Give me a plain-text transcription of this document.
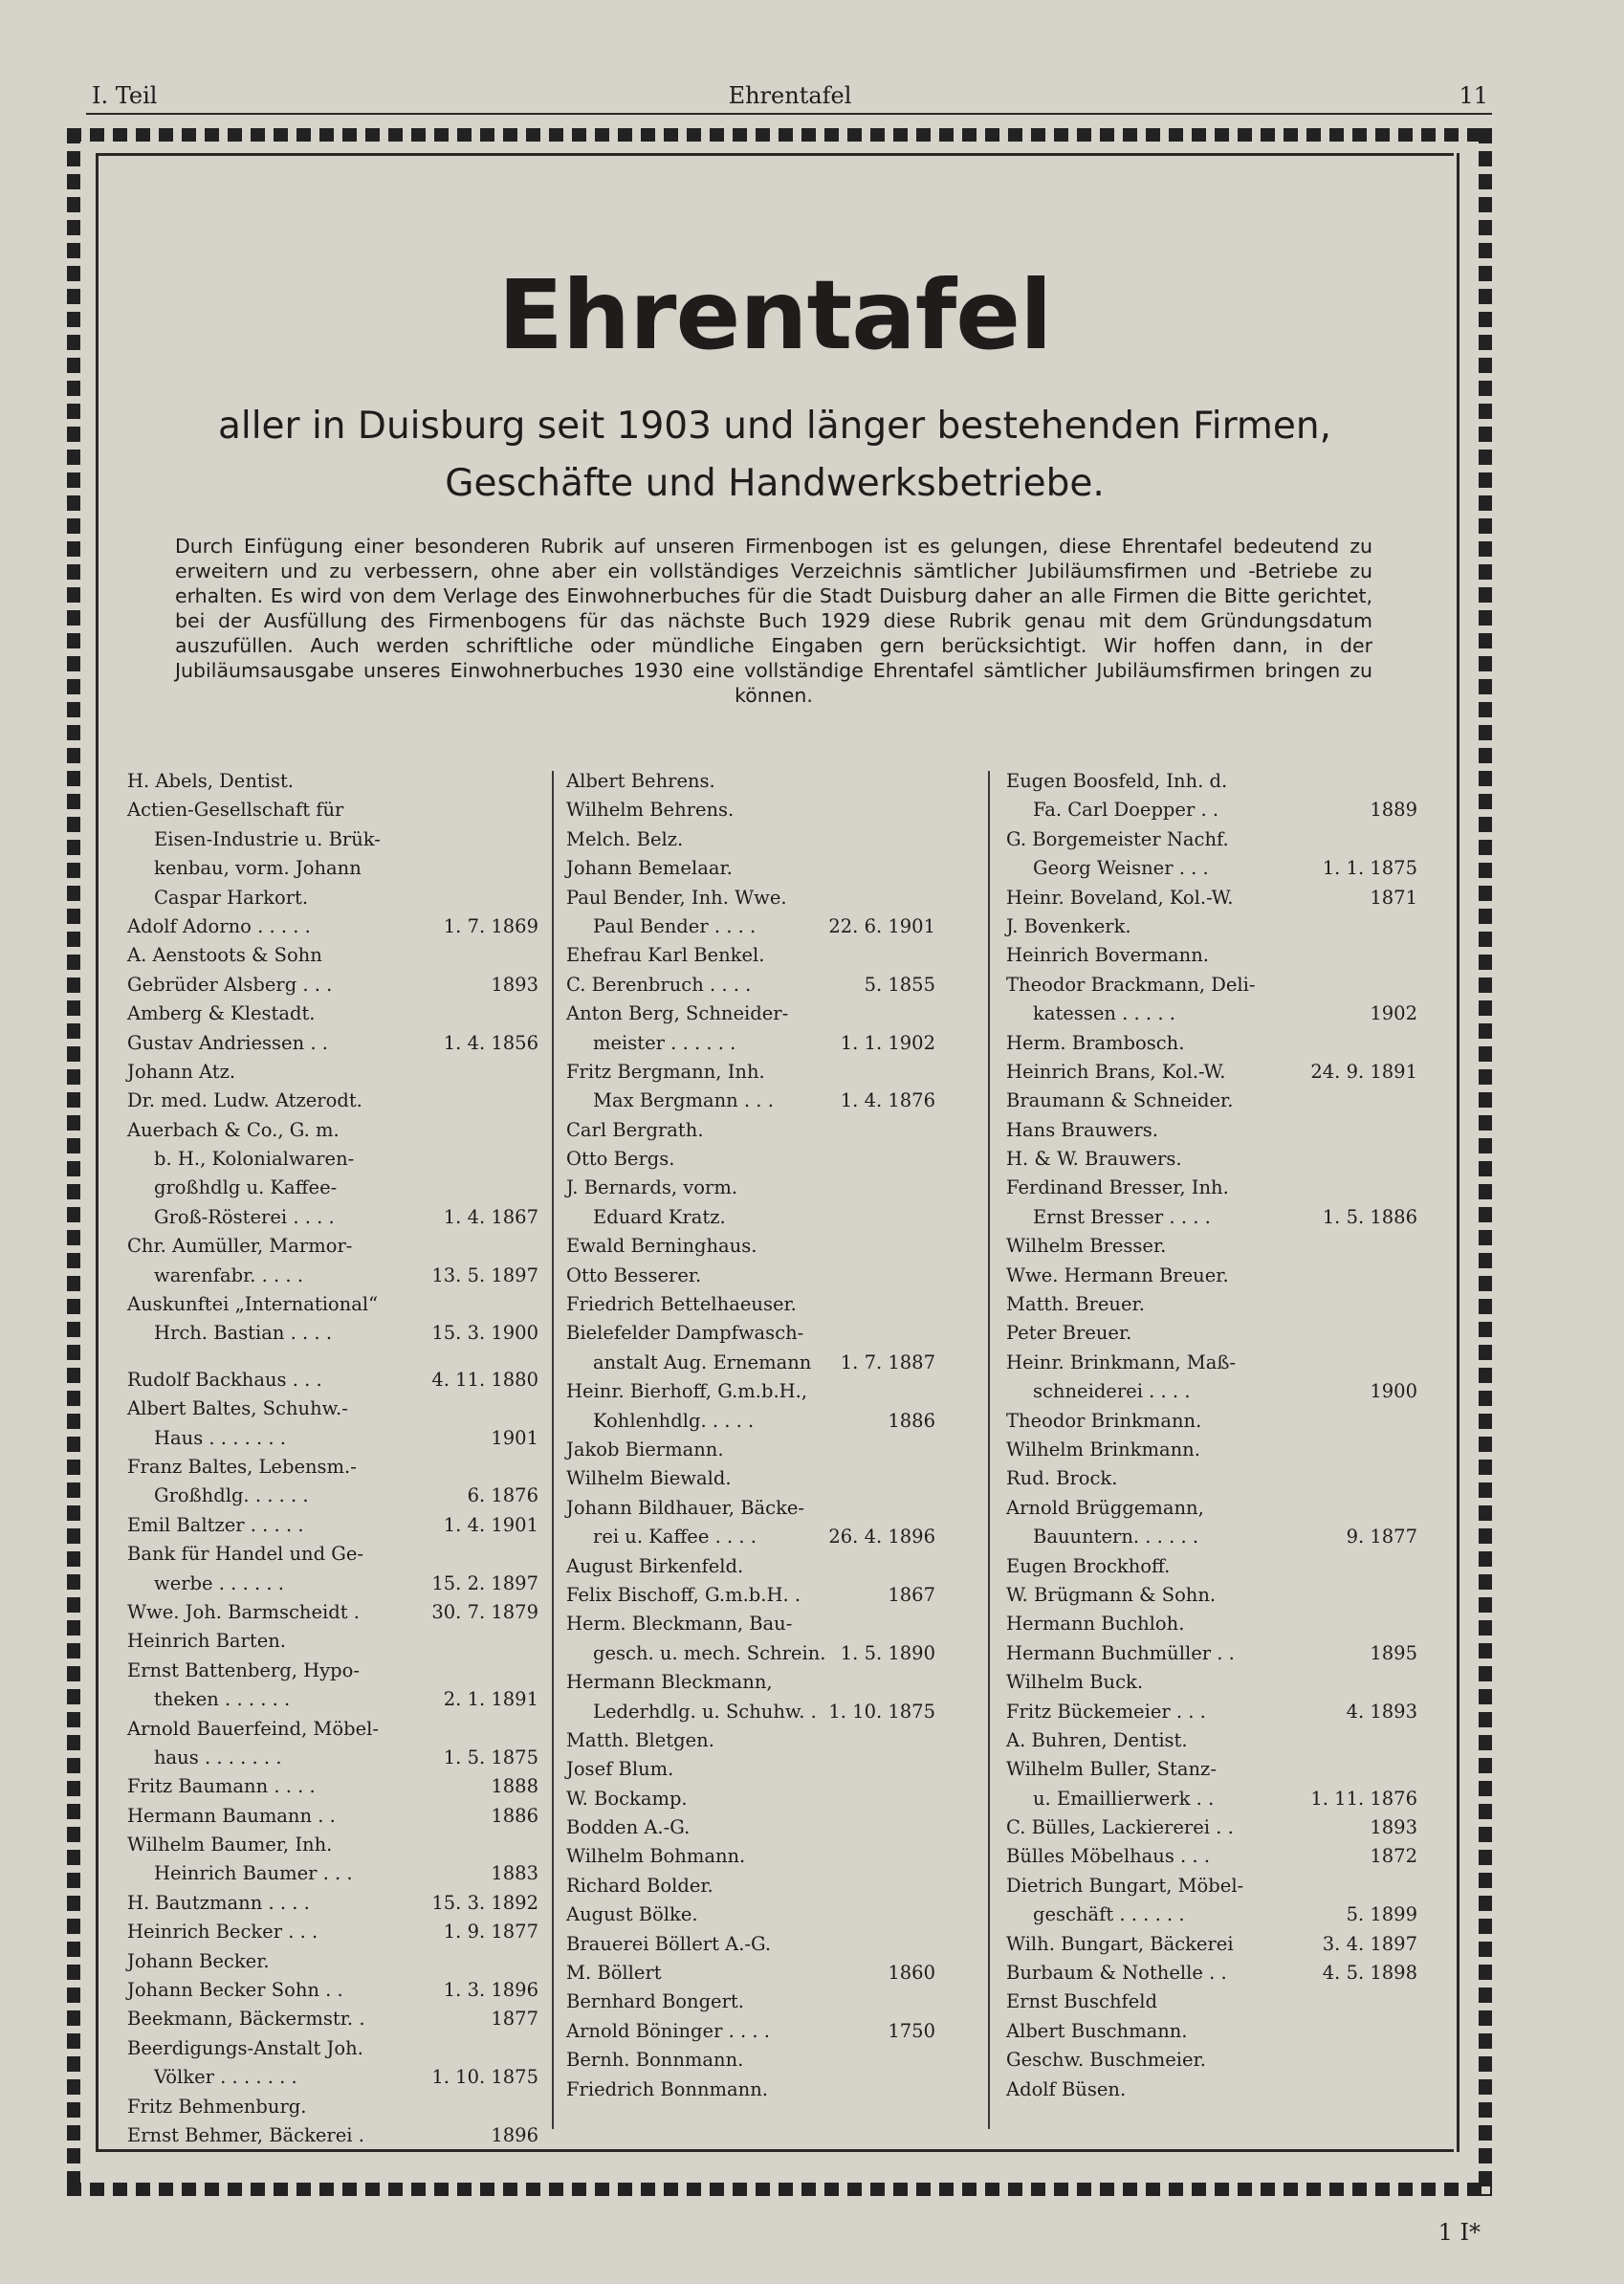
I. Teil	Ehrentafel	11
Ehrentafel
aller in Duisburg seit 1903 und länger bestehenden Firmen,
Geschäfte und Handwerksbetriebe.
Durch Einfügung einer besonderen Rubrik auf unseren Firmenbogen ist es gelungen, diese Ehrentafel bedeutend zu erweitern und zu verbessern, ohne aber ein vollständiges Verzeichnis sämtlicher Jubiläumsfirmen und -Betriebe zu erhalten. Es wird von dem Verlage des Einwohnerbuches für die Stadt Duisburg daher an alle Firmen die Bitte gerichtet, bei der Ausfüllung des Firmenbogens für das nächste Buch 1929 diese Rubrik genau mit dem Gründungsdatum auszufüllen. Auch werden schriftliche oder mündliche Eingaben gern berücksichtigt. Wir hoffen dann, in der Jubiläumsausgabe unseres Einwohnerbuches 1930 eine vollständige Ehrentafel sämtlicher Jubiläumsfirmen bringen zu können.
H. Abels, Dentist.
Actien-Gesellschaft für
Eisen-Industrie u. Brük-
kenbau, vorm. Johann
Caspar Harkort.
Adolf Adorno . . . . .	1. 7. 1869
A. Aenstoots & Sohn
Gebrüder Alsberg . . .	1893
Amberg & Klestadt.
Gustav Andriessen . .	1. 4. 1856
Johann Atz.
Dr. med. Ludw. Atzerodt.
Auerbach & Co., G. m.
b. H., Kolonialwaren-
großhdlg u. Kaffee-
Groß-Rösterei . . . .	1. 4. 1867
Chr. Aumüller, Marmor-
warenfabr. . . . .	13. 5. 1897
Auskunftei „International“
Hrch. Bastian . . . .	15. 3. 1900
Rudolf Backhaus . . .	4. 11. 1880
Albert Baltes, Schuhw.-
Haus . . . . . . .	1901
Franz Baltes, Lebensm.-
Großhdlg. . . . . .	6. 1876
Emil Baltzer . . . . .	1. 4. 1901
Bank für Handel und Ge-
werbe . . . . . .	15. 2. 1897
Wwe. Joh. Barmscheidt .	30. 7. 1879
Heinrich Barten.
Ernst Battenberg, Hypo-
theken . . . . . .	2. 1. 1891
Arnold Bauerfeind, Möbel-
haus . . . . . . .	1. 5. 1875
Fritz Baumann . . . .	1888
Hermann Baumann . .	1886
Wilhelm Baumer, Inh.
Heinrich Baumer . . .	1883
H. Bautzmann . . . .	15. 3. 1892
Heinrich Becker . . .	1. 9. 1877
Johann Becker.
Johann Becker Sohn . .	1. 3. 1896
Beekmann, Bäckermstr. .	1877
Beerdigungs-Anstalt Joh.
Völker . . . . . . .	1. 10. 1875
Fritz Behmenburg.
Ernst Behmer, Bäckerei .	1896
Albert Behrens.
Wilhelm Behrens.
Melch. Belz.
Johann Bemelaar.
Paul Bender, Inh. Wwe.
Paul Bender . . . .	22. 6. 1901
Ehefrau Karl Benkel.
C. Berenbruch . . . .	5. 1855
Anton Berg, Schneider-
meister . . . . . .	1. 1. 1902
Fritz Bergmann, Inh.
Max Bergmann . . .	1. 4. 1876
Carl Bergrath.
Otto Bergs.
J. Bernards, vorm.
Eduard Kratz.
Ewald Berninghaus.
Otto Besserer.
Friedrich Bettelhaeuser.
Bielefelder Dampfwasch-
anstalt Aug. Ernemann 1. 7. 1887
Heinr. Bierhoff, G.m.b.H.,
Kohlenhdlg. . . . .	1886
Jakob Biermann.
Wilhelm Biewald.
Johann Bildhauer, Bäcke-
rei u. Kaffee . . . .	26. 4. 1896
August Birkenfeld.
Felix Bischoff, G.m.b.H. .	1867
Herm. Bleckmann, Bau-
gesch. u. mech. Schrein. 1. 5. 1890
Hermann Bleckmann,
Lederhdlg. u. Schuhw. . 1. 10. 1875
Matth. Bletgen.
Josef Blum.
W. Bockamp.
Bodden A.-G.
Wilhelm Bohmann.
Richard Bolder.
August Bölke.
Brauerei Böllert A.-G.
M. Böllert	1860
Bernhard Bongert.
Arnold Böninger . . . .	1750
Bernh. Bonnmann.
Friedrich Bonnmann.
Eugen Boosfeld, Inh. d.
Fa. Carl Doepper . .	1889
G. Borgemeister Nachf.
Georg Weisner . . .	1. 1. 1875
Heinr. Boveland, Kol.-W.	1871
J. Bovenkerk.
Heinrich Bovermann.
Theodor Brackmann, Deli-
katessen . . . . .	1902
Herm. Brambosch.
Heinrich Brans, Kol.-W.	24. 9. 1891
Braumann & Schneider.
Hans Brauwers.
H. & W. Brauwers.
Ferdinand Bresser, Inh.
Ernst Bresser . . . .	1. 5. 1886
Wilhelm Bresser.
Wwe. Hermann Breuer.
Matth. Breuer.
Peter Breuer.
Heinr. Brinkmann, Maß-
schneiderei . . . .	1900
Theodor Brinkmann.
Wilhelm Brinkmann.
Rud. Brock.
Arnold Brüggemann,
Bauuntern. . . . . .	9. 1877
Eugen Brockhoff.
W. Brügmann & Sohn.
Hermann Buchloh.
Hermann Buchmüller . .	1895
Wilhelm Buck.
Fritz Bückemeier . . .	4. 1893
A. Buhren, Dentist.
Wilhelm Buller, Stanz-
u. Emaillierwerk . .	1. 11. 1876
C. Bülles, Lackiererei . .	1893
Bülles Möbelhaus . . .	1872
Dietrich Bungart, Möbel-
geschäft . . . . . .	5. 1899
Wilh. Bungart, Bäckerei	3. 4. 1897
Burbaum & Nothelle . .	4. 5. 1898
Ernst Buschfeld
Albert Buschmann.
Geschw. Buschmeier.
Adolf Büsen.
1 I*
